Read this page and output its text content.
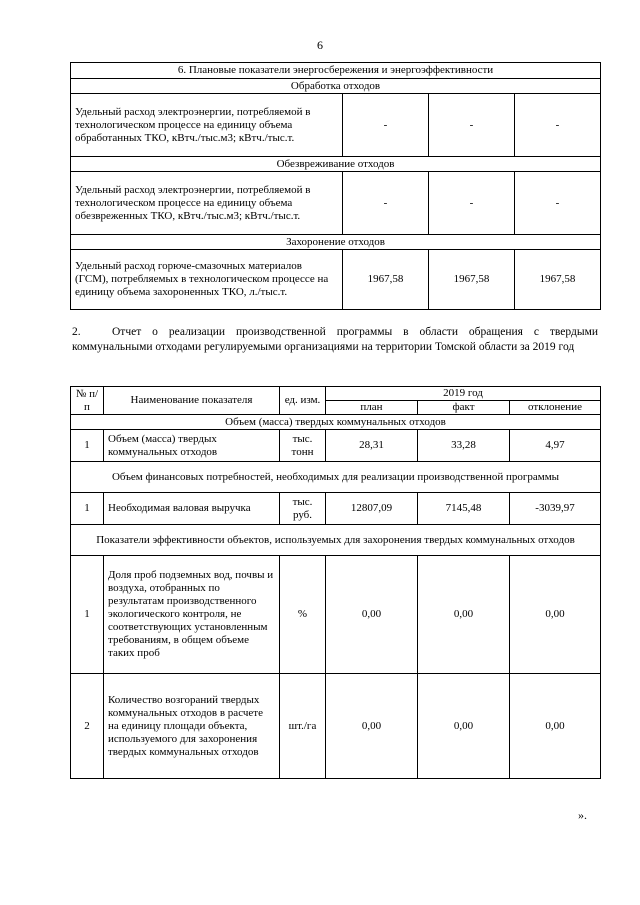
6
6. Плановые показатели энергосбережения и энергоэффективности			
Обработка отходов			
Удельный расход электроэнергии, потребляемой в технологическом процессе на единицу объема обработанных ТКО, кВтч./тыс.м3; кВтч./тыс.т.	-	-	-
Обезвреживание отходов			
Удельный расход электроэнергии, потребляемой в технологическом процессе на единицу объема обезвреженных ТКО, кВтч./тыс.м3; кВтч./тыс.т.	-	-	-
Захоронение отходов			
Удельный расход горюче-смазочных материалов (ГСМ), потребляемых в технологическом процессе на единицу объема захороненных ТКО, л./тыс.т.	1967,58	1967,58	1967,58
2.	Отчет о реализации производственной программы в области обращения с твердыми коммунальными отходами регулируемыми организациями на территории Томской области за 2019 год
№ п/п	Наименование показателя	ед. изм.	2019 год		
			план	факт	отклонение
Объем (масса) твердых коммунальных отходов					
1	Объем (масса) твердых коммунальных отходов	тыс. тонн	28,31	33,28	4,97
Объем финансовых потребностей, необходимых для реализации производственной программы					
1	Необходимая валовая выручка	тыс. руб.	12807,09	7145,48	-3039,97
Показатели эффективности объектов, используемых для захоронения твердых коммунальных отходов					
1	Доля проб подземных вод, почвы и воздуха, отобранных по результатам производственного экологического контроля, не соответствующих установленным требованиям, в общем объеме таких проб	%	0,00	0,00	0,00
2	Количество возгораний твердых коммунальных отходов в расчете на единицу площади объекта, используемого для захоронения твердых коммунальных отходов	шт./га	0,00	0,00	0,00
».
